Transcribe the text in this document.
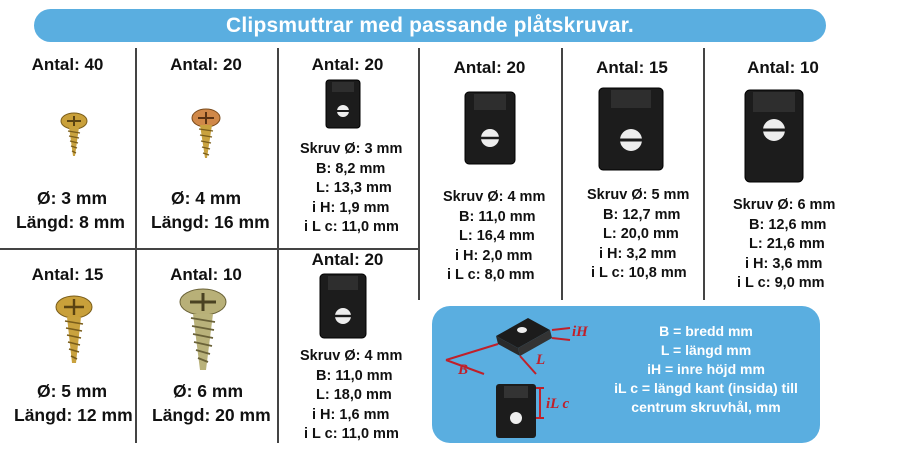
Clipsmuttrar med passande plåtskruvar.
Antal: 40
Ø: 3 mm
Längd: 8 mm
Antal: 20
Ø: 4 mm
Längd: 16 mm
Antal: 15
Ø: 5 mm
Längd: 12 mm
Antal: 10
Ø: 6 mm
Längd: 20 mm
Antal: 20
Skruv Ø: 3 mm
B: 8,2 mm
L: 13,3 mm
i H: 1,9 mm
i L c: 11,0 mm
Antal: 20
Skruv Ø: 4 mm
B: 11,0 mm
L: 18,0 mm
i H: 1,6 mm
i L c: 11,0 mm
Antal: 20
Skruv Ø: 4 mm
B: 11,0 mm
L: 16,4 mm
i H: 2,0 mm
i L c: 8,0 mm
Antal: 15
Skruv Ø: 5 mm
B: 12,7 mm
L: 20,0 mm
i H: 3,2 mm
i L c: 10,8 mm
Antal: 10
Skruv Ø: 6 mm
B: 12,6 mm
L: 21,6 mm
i H: 3,6 mm
i L c: 9,0 mm
B
L
iH
iL c
B = bredd mm
L = längd mm
iH = inre höjd mm
iL c = längd kant (insida) till centrum skruvhål, mm
